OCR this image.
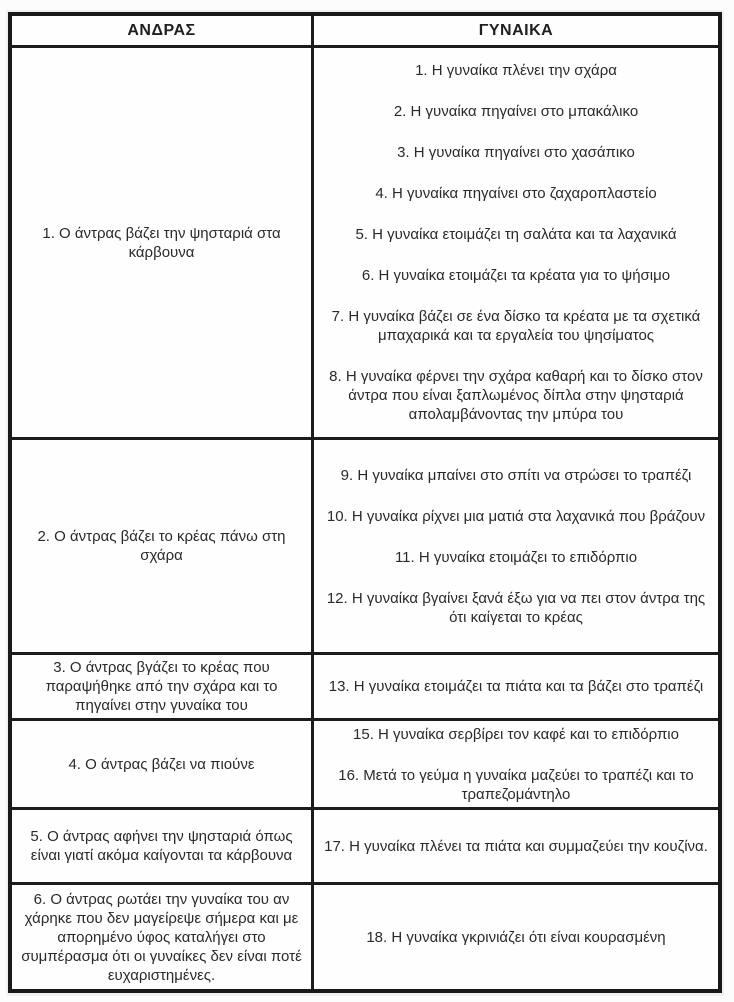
ΑΝΔΡΑΣ	ΓΥΝΑΙΚΑ

1. Ο άντρας βάζει την ψησταριά στα κάρβουνα

1. Η γυναίκα πλένει την σχάρα

2. Η γυναίκα πηγαίνει στο μπακάλικο

3. Η γυναίκα πηγαίνει στο χασάπικο

4. Η γυναίκα πηγαίνει στο ζαχαροπλαστείο

5. Η γυναίκα ετοιμάζει τη σαλάτα και τα λαχανικά

6. Η γυναίκα ετοιμάζει τα κρέατα για το ψήσιμο

7. Η γυναίκα βάζει σε ένα δίσκο τα κρέατα με τα σχετικά μπαχαρικά και τα εργαλεία του ψησίματος

8. Η γυναίκα φέρνει την σχάρα καθαρή και το δίσκο στον άντρα που είναι ξαπλωμένος δίπλα στην ψησταριά απολαμβάνοντας την μπύρα του

2. Ο άντρας βάζει το κρέας πάνω στη σχάρα

9. Η γυναίκα μπαίνει στο σπίτι να στρώσει το τραπέζι

10. Η γυναίκα ρίχνει μια ματιά στα λαχανικά που βράζουν

11. Η γυναίκα ετοιμάζει το επιδόρπιο

12. Η γυναίκα βγαίνει ξανά έξω για να πει στον άντρα της ότι καίγεται το κρέας

3. Ο άντρας βγάζει το κρέας που παραψήθηκε από την σχάρα και το πηγαίνει στην γυναίκα του

13. Η γυναίκα ετοιμάζει τα πιάτα και τα βάζει στο τραπέζι

4. Ο άντρας βάζει να πιούνε

15. Η γυναίκα σερβίρει τον καφέ και το επιδόρπιο

16. Μετά το γεύμα η γυναίκα μαζεύει το τραπέζι και το τραπεζομάντηλο

5. Ο άντρας αφήνει την ψησταριά όπως είναι γιατί ακόμα καίγονται τα κάρβουνα

17. Η γυναίκα πλένει τα πιάτα και συμμαζεύει την κουζίνα.

6. Ο άντρας ρωτάει την γυναίκα του αν χάρηκε που δεν μαγείρεψε σήμερα και με απορημένο ύφος καταλήγει στο συμπέρασμα ότι οι γυναίκες δεν είναι ποτέ ευχαριστημένες.

18. Η γυναίκα γκρινιάζει ότι είναι κουρασμένη
